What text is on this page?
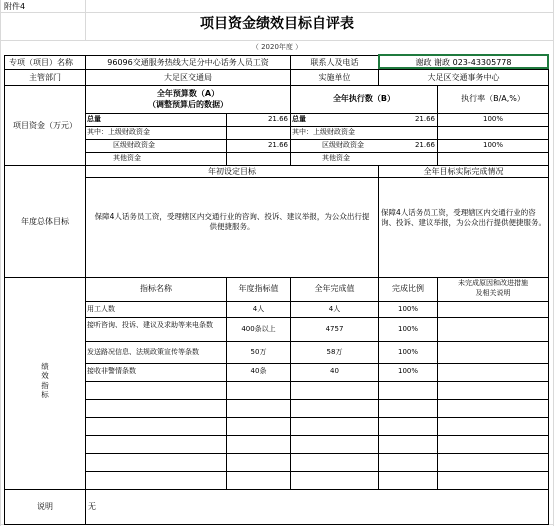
附件4
项目资金绩效目标自评表
（ 2020年度 ）
专项（项目）名称	96096交通服务热线大足分中心话务人员工资	联系人及电话	谢政 谢政 023-43305778
主管部门	大足区交通局	实施单位	大足区交通事务中心
项目资金（万元）
全年预算数（A）
（调整预算后的数据）
全年执行数（B）	执行率（B/A,%）
总量	21.66 总量	21.66	100%
其中：上级财政资金	其中：上级财政资金
区级财政资金	21.66	区级财政资金	21.66	100%
其他资金	其他资金
年度总体目标
年初设定目标	全年目标实际完成情况
保障4人话务员工资，受理辖区内交通行业的咨询、投诉、建议举报，为公众出行提供便捷服务。
保障4人话务员工资，受理辖区内交通行业的咨询、投诉、建议举报，为公众出行提供便捷服务。
绩
效
指
标
指标名称	年度指标值	全年完成值	完成比例
未完成原因和改进措施
及相关说明
用工人数	4人	4人	100%
接听咨询、投诉、建议及求助等来电条数	400条以上	4757	100%
发送路况信息、法规政策宣传等条数	50万	58万	100%
接收非警情条数	40条	40	100%
说明	无
